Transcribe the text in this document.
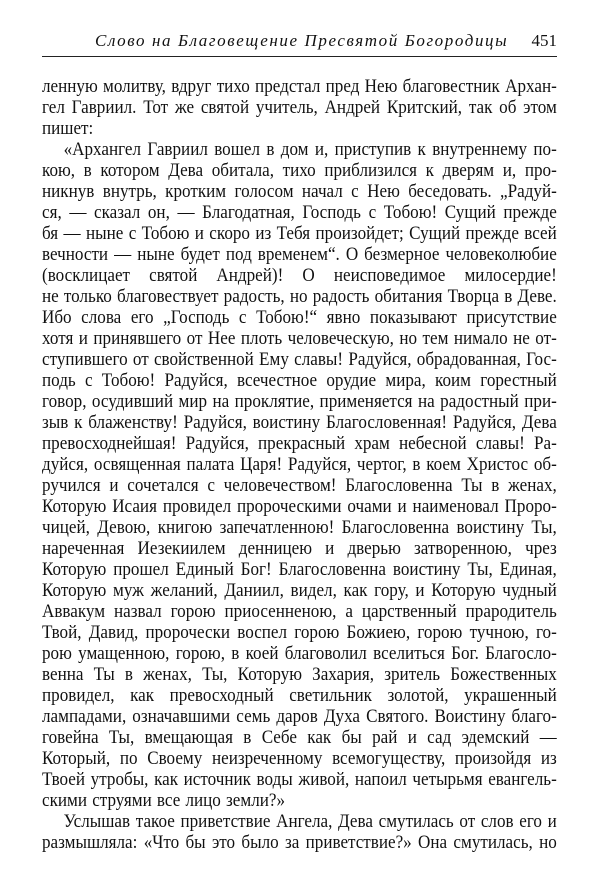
Слово на Благовещение Пресвятой Богородицы 451
ленную молитву, вдруг тихо предстал пред Нею благовестник Архан-
гел Гавриил. Тот же святой учитель, Андрей Критский, так об этом
пишет:
«Архангел Гавриил вошел в дом и, приступив к внутреннему по-
кою, в котором Дева обитала, тихо приблизился к дверям и, про-
никнув внутрь, кротким голосом начал с Нею беседовать. „Радуй-
ся, — сказал он, — Благодатная, Господь с Тобою! Сущий прежде
бя — ныне с Тобою и скоро из Тебя произойдет; Сущий прежде всей
вечности — ныне будет под временем“. О безмерное человеколюбие
(восклицает святой Андрей)! О неисповедимое милосердие!
не только благовествует радость, но радость обитания Творца в Деве.
Ибо слова его „Господь с Тобою!“ явно показывают присутствие
хотя и принявшего от Нее плоть человеческую, но тем нимало не от-
ступившего от свойственной Ему славы! Радуйся, обрадованная, Гос-
подь с Тобою! Радуйся, всечестное орудие мира, коим горестный
говор, осудивший мир на проклятие, применяется на радостный при-
зыв к блаженству! Радуйся, воистину Благословенная! Радуйся, Дева
превосходнейшая! Радуйся, прекрасный храм небесной славы! Ра-
дуйся, освященная палата Царя! Радуйся, чертог, в коем Христос об-
ручился и сочетался с человечеством! Благословенна Ты в женах,
Которую Исаия провидел пророческими очами и наименовал Проро-
чицей, Девою, книгою запечатленною! Благословенна воистину Ты,
нареченная Иезекиилем денницею и дверью затворенною, чрез
Которую прошел Единый Бог! Благословенна воистину Ты, Единая,
Которую муж желаний, Даниил, видел, как гору, и Которую чудный
Аввакум назвал горою приосенненою, а царственный прародитель
Твой, Давид, пророчески воспел горою Божиею, горою тучною, го-
рою умащенною, горою, в коей благоволил вселиться Бог. Благосло-
венна Ты в женах, Ты, Которую Захария, зритель Божественных
провидел, как превосходный светильник золотой, украшенный
лампадами, означавшими семь даров Духа Святого. Воистину благо-
говейна Ты, вмещающая в Себе как бы рай и сад эдемский —
Который, по Своему неизреченному всемогуществу, произойдя из
Твоей утробы, как источник воды живой, напоил четырьмя евангель-
скими струями все лицо земли?»
Услышав такое приветствие Ангела, Дева смутилась от слов его и
размышляла: «Что бы это было за приветствие?» Она смутилась, но
